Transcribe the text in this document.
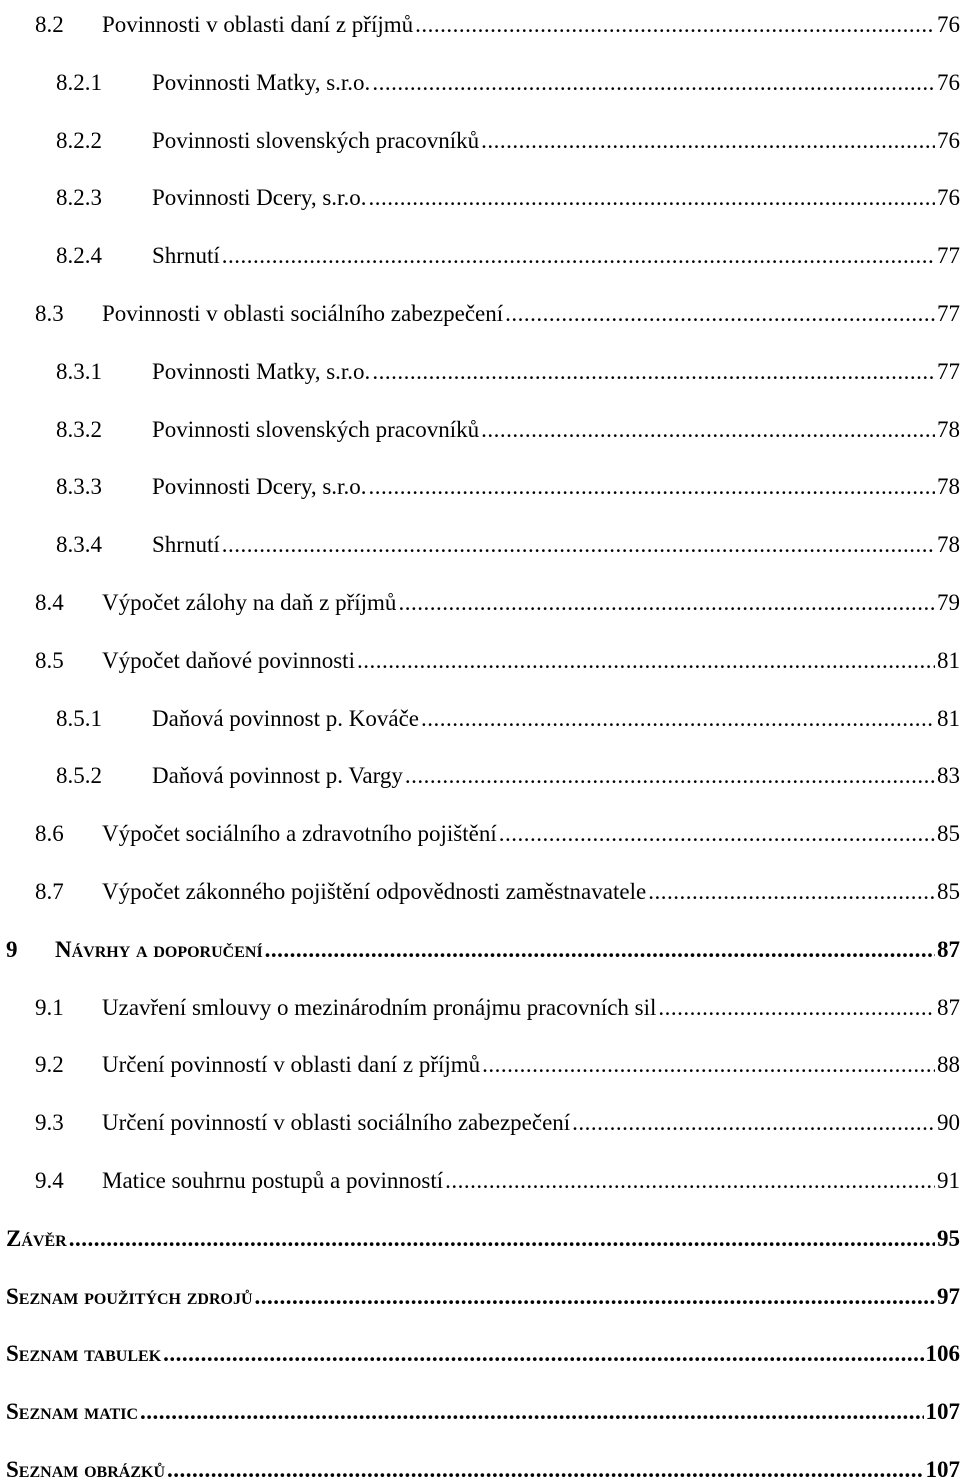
8.2	Povinnosti v oblasti daní z příjmů .....	76
8.2.1	Povinnosti Matky, s.r.o. .....	76
8.2.2	Povinnosti slovenských pracovníků .....	76
8.2.3	Povinnosti Dcery, s.r.o. .....	76
8.2.4	Shrnutí .....	77
8.3	Povinnosti v oblasti sociálního zabezpečení .....	77
8.3.1	Povinnosti Matky, s.r.o. .....	77
8.3.2	Povinnosti slovenských pracovníků .....	78
8.3.3	Povinnosti Dcery, s.r.o. .....	78
8.3.4	Shrnutí .....	78
8.4	Výpočet zálohy na daň z příjmů .....	79
8.5	Výpočet daňové povinnosti .....	81
8.5.1	Daňová povinnost p. Kováče .....	81
8.5.2	Daňová povinnost p. Vargy .....	83
8.6	Výpočet sociálního a zdravotního pojištění .....	85
8.7	Výpočet zákonného pojištění odpovědnosti zaměstnavatele .....	85
9	Návrhy a doporučení .....	87
9.1	Uzavření smlouvy o mezinárodním pronájmu pracovních sil .....	87
9.2	Určení povinností v oblasti daní z příjmů .....	88
9.3	Určení povinností v oblasti sociálního zabezpečení .....	90
9.4	Matice souhrnu postupů a povinností .....	91
Závěr .....	95
Seznam použitých zdrojů .....	97
Seznam tabulek .....	106
Seznam matic .....	107
Seznam obrázků .....	107
